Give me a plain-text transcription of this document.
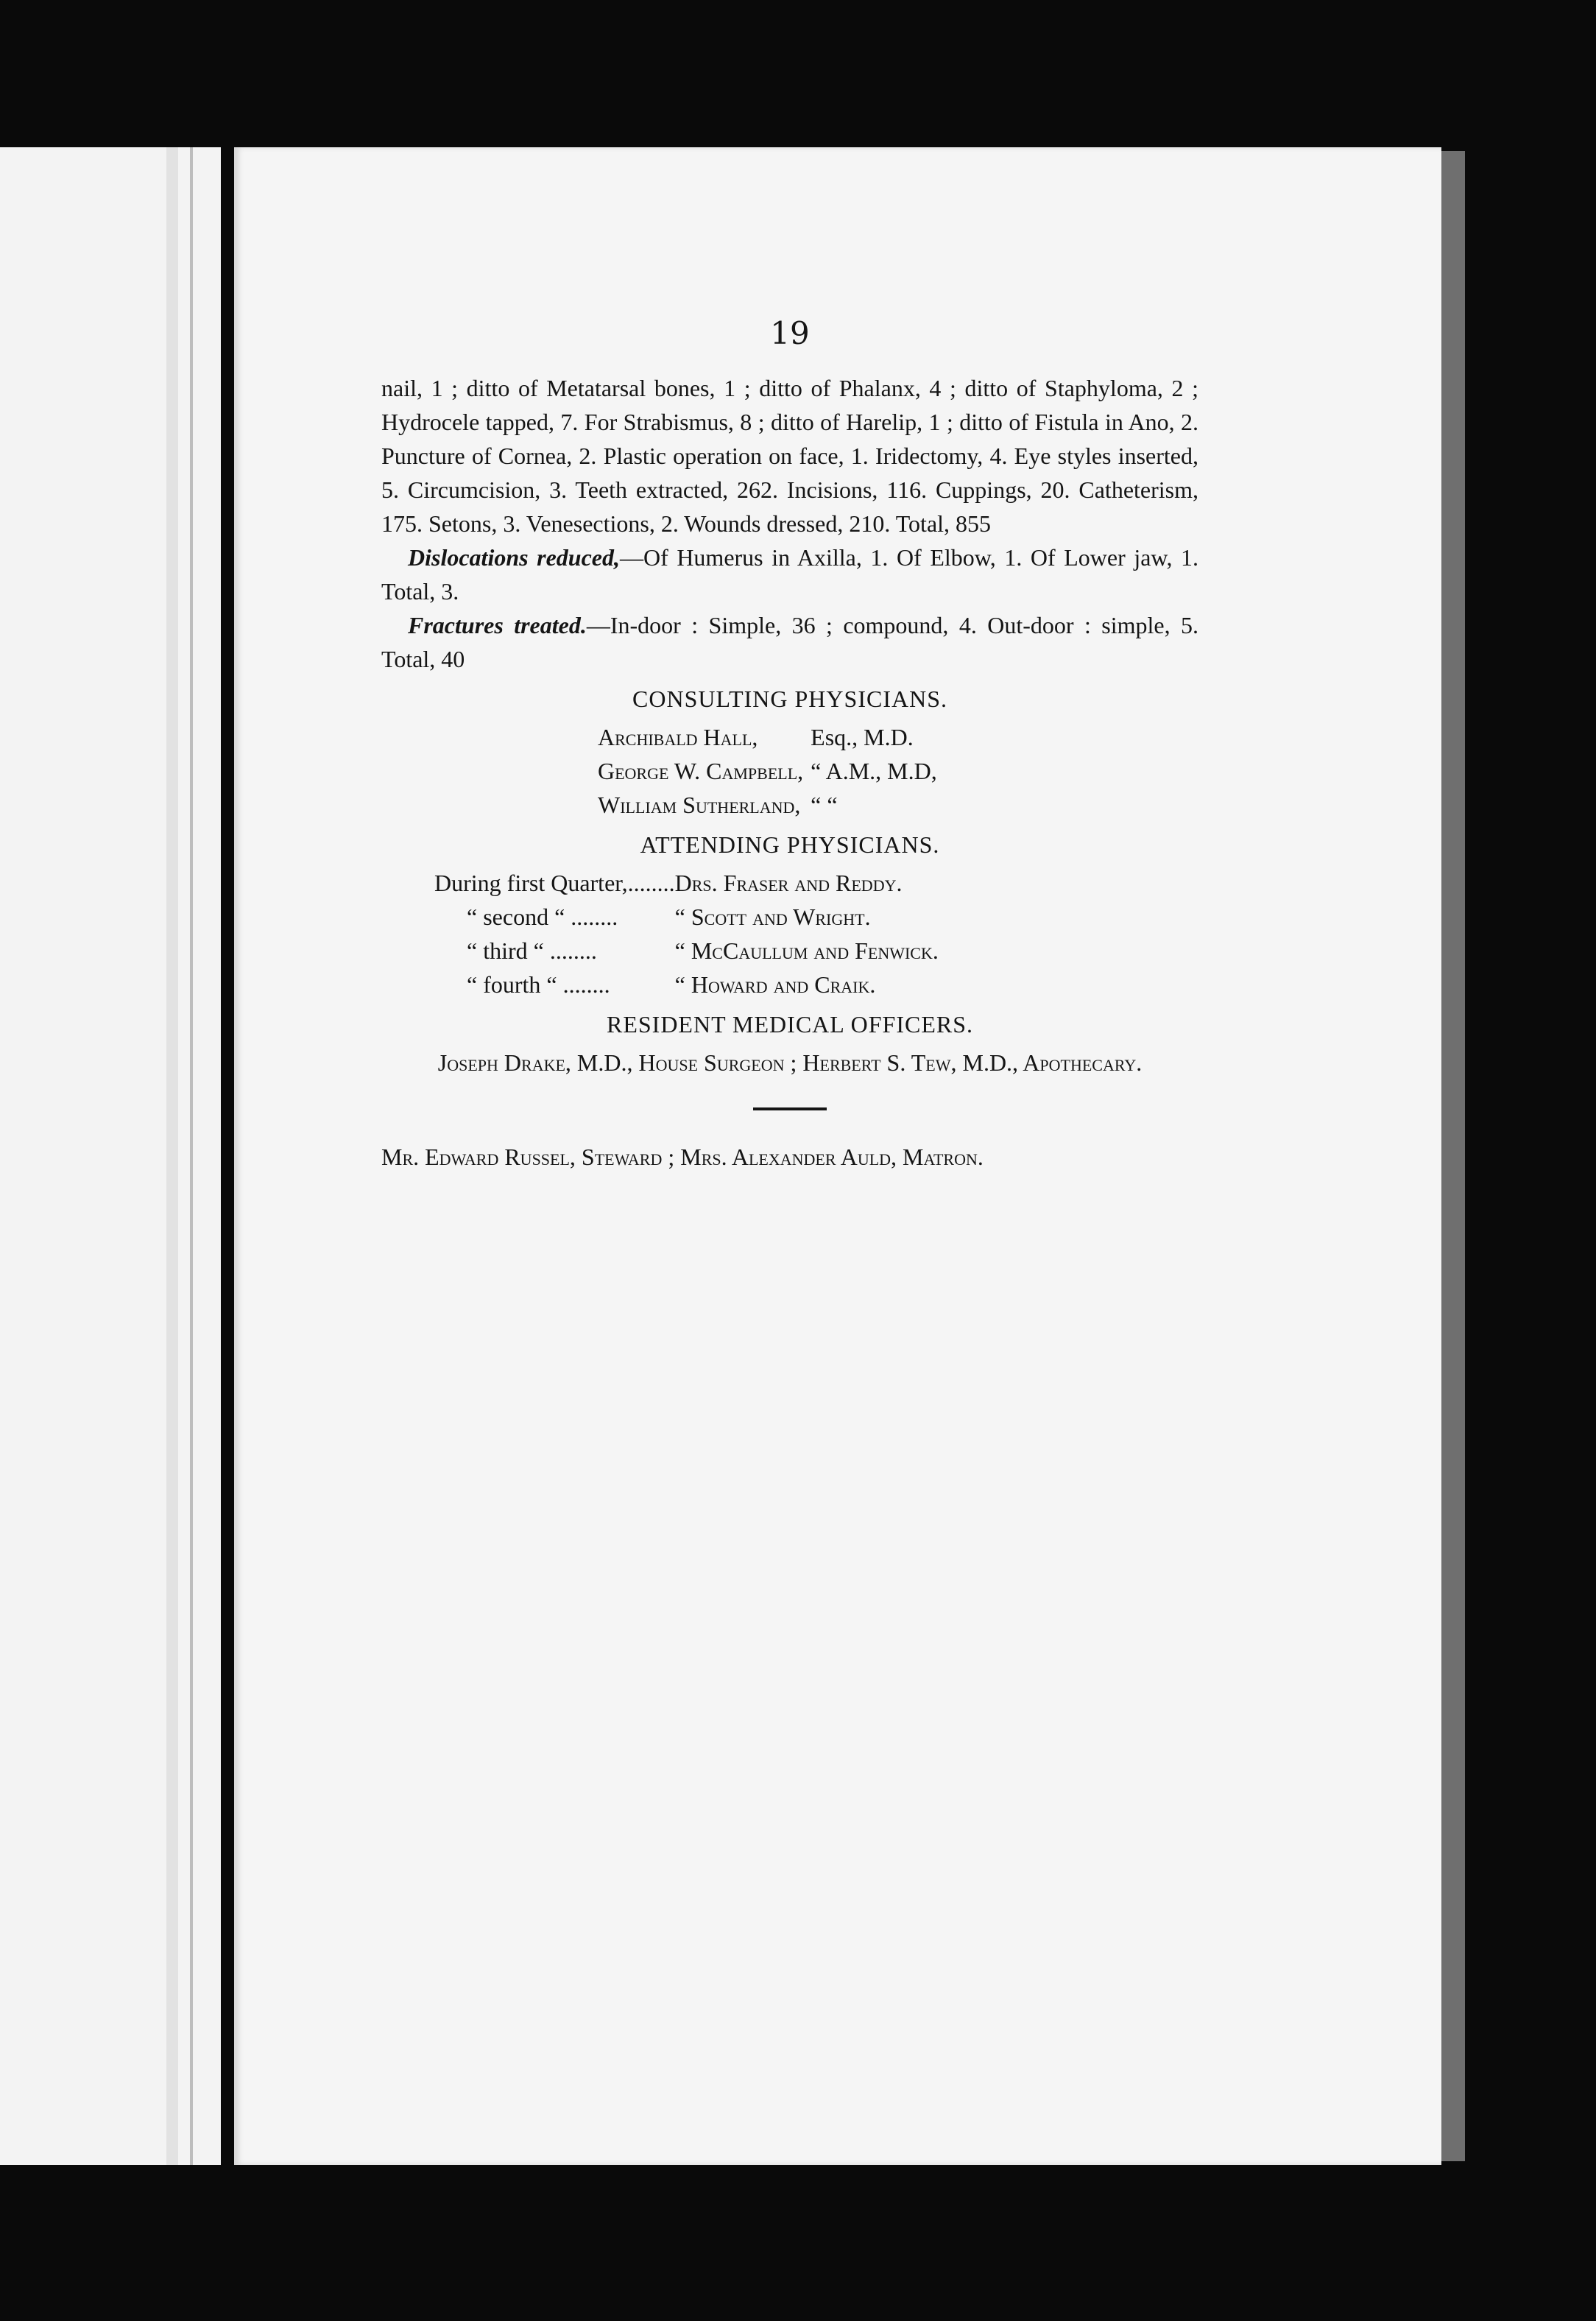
19

nail, 1 ; ditto of Metatarsal bones, 1 ; ditto of Phalanx, 4 ; ditto of Staphyloma, 2 ; Hydrocele tapped, 7. For Strabismus, 8 ; ditto of Harelip, 1 ; ditto of Fistula in Ano, 2. Puncture of Cornea, 2. Plastic operation on face, 1. Iridectomy, 4. Eye styles inserted, 5. Circumcision, 3. Teeth extracted, 262. Incisions, 116. Cuppings, 20. Catheterism, 175. Setons, 3. Venesections, 2. Wounds dressed, 210. Total, 855

Dislocations reduced,—Of Humerus in Axilla, 1. Of Elbow, 1. Of Lower jaw, 1. Total, 3.

Fractures treated.—In-door : Simple, 36 ; compound, 4. Out-door : simple, 5. Total, 40

CONSULTING PHYSICIANS.
Archibald Hall,	Esq., M.D.
George W. Campbell,	“ A.M., M.D,
William Sutherland,	“ “
ATTENDING PHYSICIANS.
During first Quarter,........	Drs. Fraser and Reddy.
“ second “ ........	“ Scott and Wright.
“ third “ ........	“ McCaullum and Fenwick.
“ fourth “ ........	“ Howard and Craik.
RESIDENT MEDICAL OFFICERS.

Joseph Drake, M.D., House Surgeon ; Herbert S. Tew, M.D., Apothecary.

Mr. Edward Russel, Steward ; Mrs. Alexander Auld, Matron.
